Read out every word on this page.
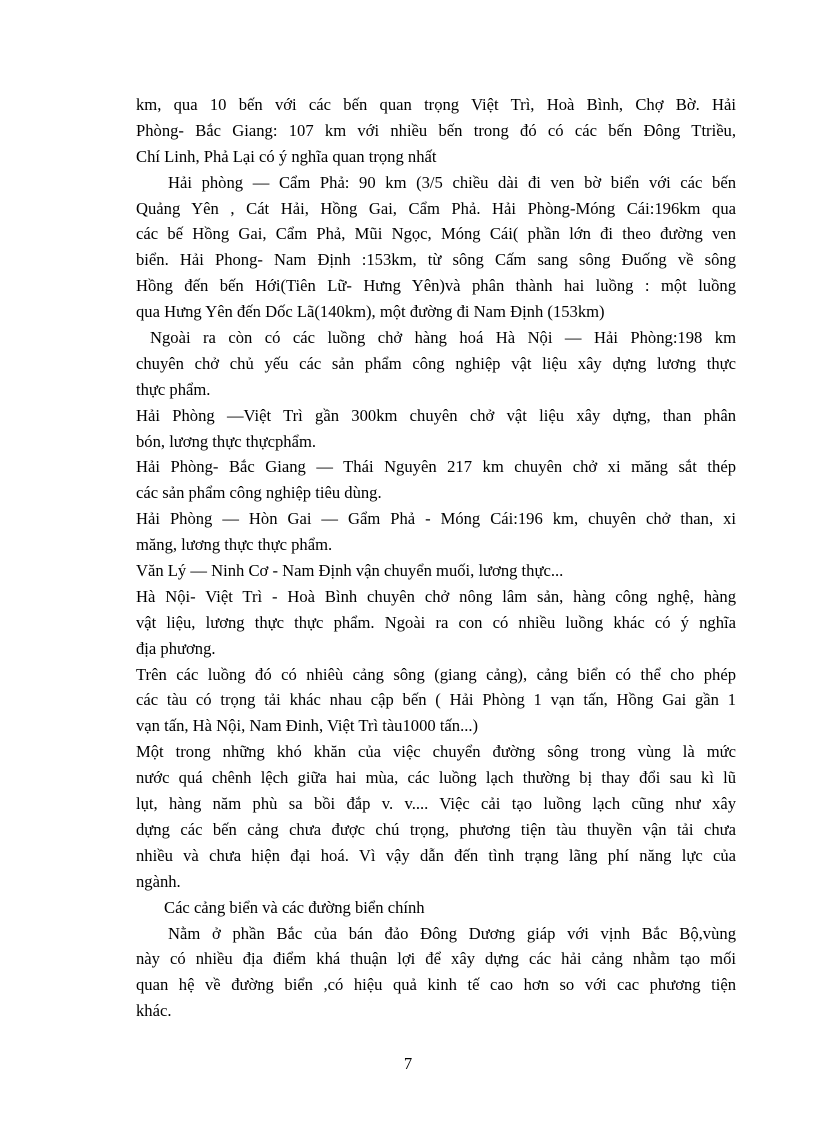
km, qua 10 bến với các bến quan trọng Việt Trì, Hoà Bình, Chợ Bờ. Hải
Phòng- Bắc Giang: 107 km với nhiều bến trong đó có các bến Đông Ttriều,
Chí Linh, Phả Lại có ý nghĩa quan trọng nhất
Hải phòng — Cẩm Phả: 90 km (3/5 chiều dài đi ven bờ biển với các bến
Quảng Yên , Cát Hải, Hồng Gai, Cẩm Phả. Hải Phòng-Móng Cái:196km qua
các bế Hồng Gai, Cẩm Phả, Mũi Ngọc, Móng Cái( phần lớn đi theo đường ven
biển. Hải Phong- Nam Định :153km, từ sông Cấm sang sông Đuống về sông
Hồng đến bến Hới(Tiên Lữ- Hưng Yên)và phân thành hai luồng : một luồng
qua Hưng Yên đến Dốc Lã(140km), một đường đi Nam Định (153km)
Ngoài ra còn có các luồng chở hàng hoá Hà Nội — Hải Phòng:198 km
chuyên chở chủ yếu các sản phẩm công nghiệp vật liệu xây dựng lương thực
thực phẩm.
Hải Phòng —Việt Trì gần 300km chuyên chở vật liệu xây dựng, than phân
bón, lương thực thựcphẩm.
Hải Phòng- Bắc Giang — Thái Nguyên 217 km chuyên chở xi măng sắt thép
các sản phẩm công nghiệp tiêu dùng.
Hải Phòng — Hòn Gai — Gẩm Phả - Móng Cái:196 km, chuyên chở than, xi
măng, lương thực thực phẩm.
Văn Lý — Ninh Cơ - Nam Định vận chuyển muối, lương thực...
Hà Nội- Việt Trì - Hoà Bình chuyên chở nông lâm sản, hàng công nghệ, hàng
vật liệu, lương thực thực phẩm. Ngoài ra con có nhiều luồng khác có ý nghĩa
địa phương.
Trên các luồng đó có nhiêù cảng sông (giang cảng), cảng biển có thể cho phép
các tàu có trọng tải khác nhau cập bến ( Hải Phòng 1 vạn tấn, Hồng Gai gần 1
vạn tấn, Hà Nội, Nam Đinh, Việt Trì tàu1000 tấn...)
Một trong những khó khăn của việc chuyển đường sông trong vùng là mức
nước quá chênh lệch giữa hai mùa, các luồng lạch thường bị thay đổi sau kì lũ
lụt, hàng năm phù sa bồi đắp v. v.... Việc cải tạo luồng lạch cũng như xây
dựng các bến cảng chưa được chú trọng, phương tiện tàu thuyền vận tải chưa
nhiều và chưa hiện đại hoá. Vì vậy dẫn đến tình trạng lãng phí năng lực của
ngành.
Các cảng biển và các đường biển chính
Nằm ở phần Bắc của bán đảo Đông Dương giáp với vịnh Bắc Bộ,vùng
này có nhiều địa điểm khá thuận lợi để xây dựng các hải cảng nhằm tạo mối
quan hệ về đường biển ,có hiệu quả kinh tế cao hơn so với cac phương tiện
khác.
7
